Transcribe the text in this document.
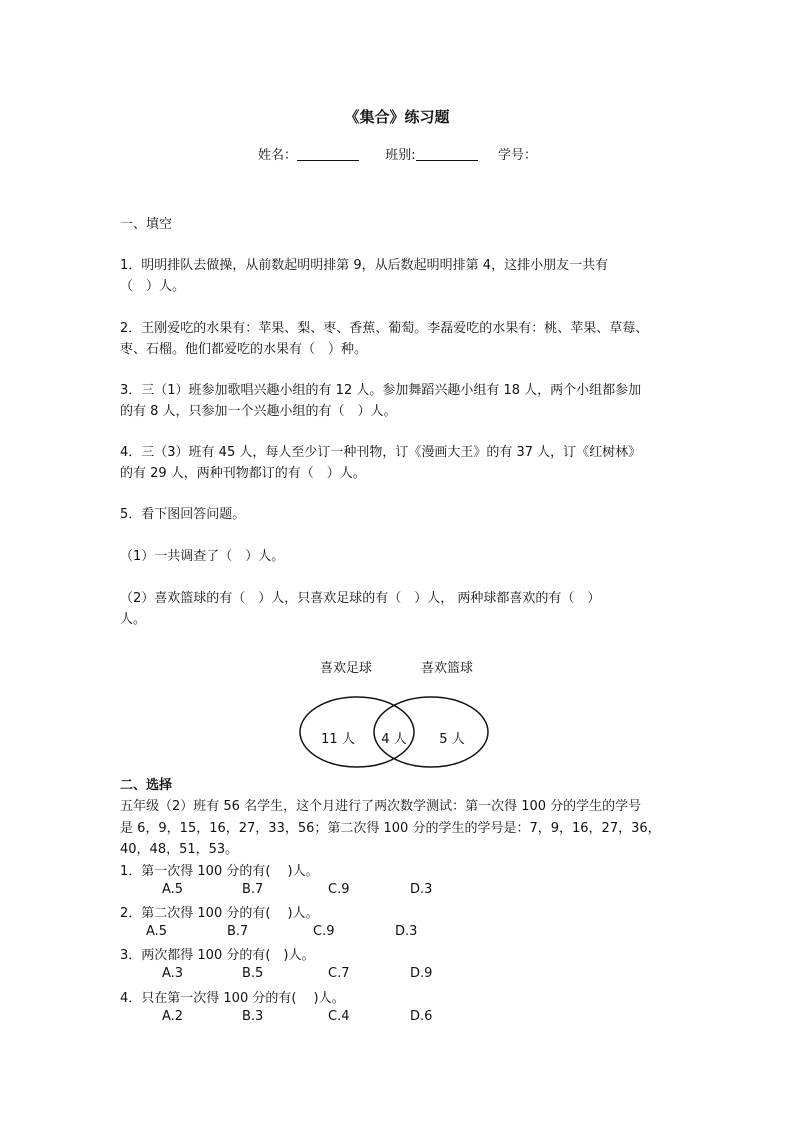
《集合》练习题
姓名：	班别:	学号：
一、填空
1．明明排队去做操，从前数起明明排第 9，从后数起明明排第 4，这排小朋友一共有
（　）人。
2．王刚爱吃的水果有：苹果、梨、枣、香蕉、葡萄。李磊爱吃的水果有：桃、苹果、草莓、
枣、石榴。他们都爱吃的水果有（　）种。
3．三（1）班参加歌唱兴趣小组的有 12 人。参加舞蹈兴趣小组有 18 人，两个小组都参加
的有 8 人，只参加一个兴趣小组的有（　）人。
4．三（3）班有 45 人，每人至少订一种刊物，订《漫画大王》的有 37 人，订《红树林》
的有 29 人，两种刊物都订的有（　）人。
5．看下图回答问题。
（1）一共调查了（　）人。
（2）喜欢篮球的有（　）人，只喜欢足球的有（　）人， 两种球都喜欢的有（　）
人。
喜欢足球	喜欢篮球
11 人 4 人	5 人
二、选择
五年级（2）班有 56 名学生，这个月进行了两次数学测试：第一次得 100 分的学生的学号
是 6，9，15，16，27，33，56；第二次得 100 分的学生的学号是：7，9，16，27，36，
40，48，51，53。
1．第一次得 100 分的有(　 )人。
A.5	B.7	C.9	D.3
2．第二次得 100 分的有(　 )人。
A.5	B.7	C.9	D.3
3．两次都得 100 分的有(　)人。
A.3	B.5	C.7	D.9
4．只在第一次得 100 分的有(　 )人。
A.2	B.3	C.4	D.6
